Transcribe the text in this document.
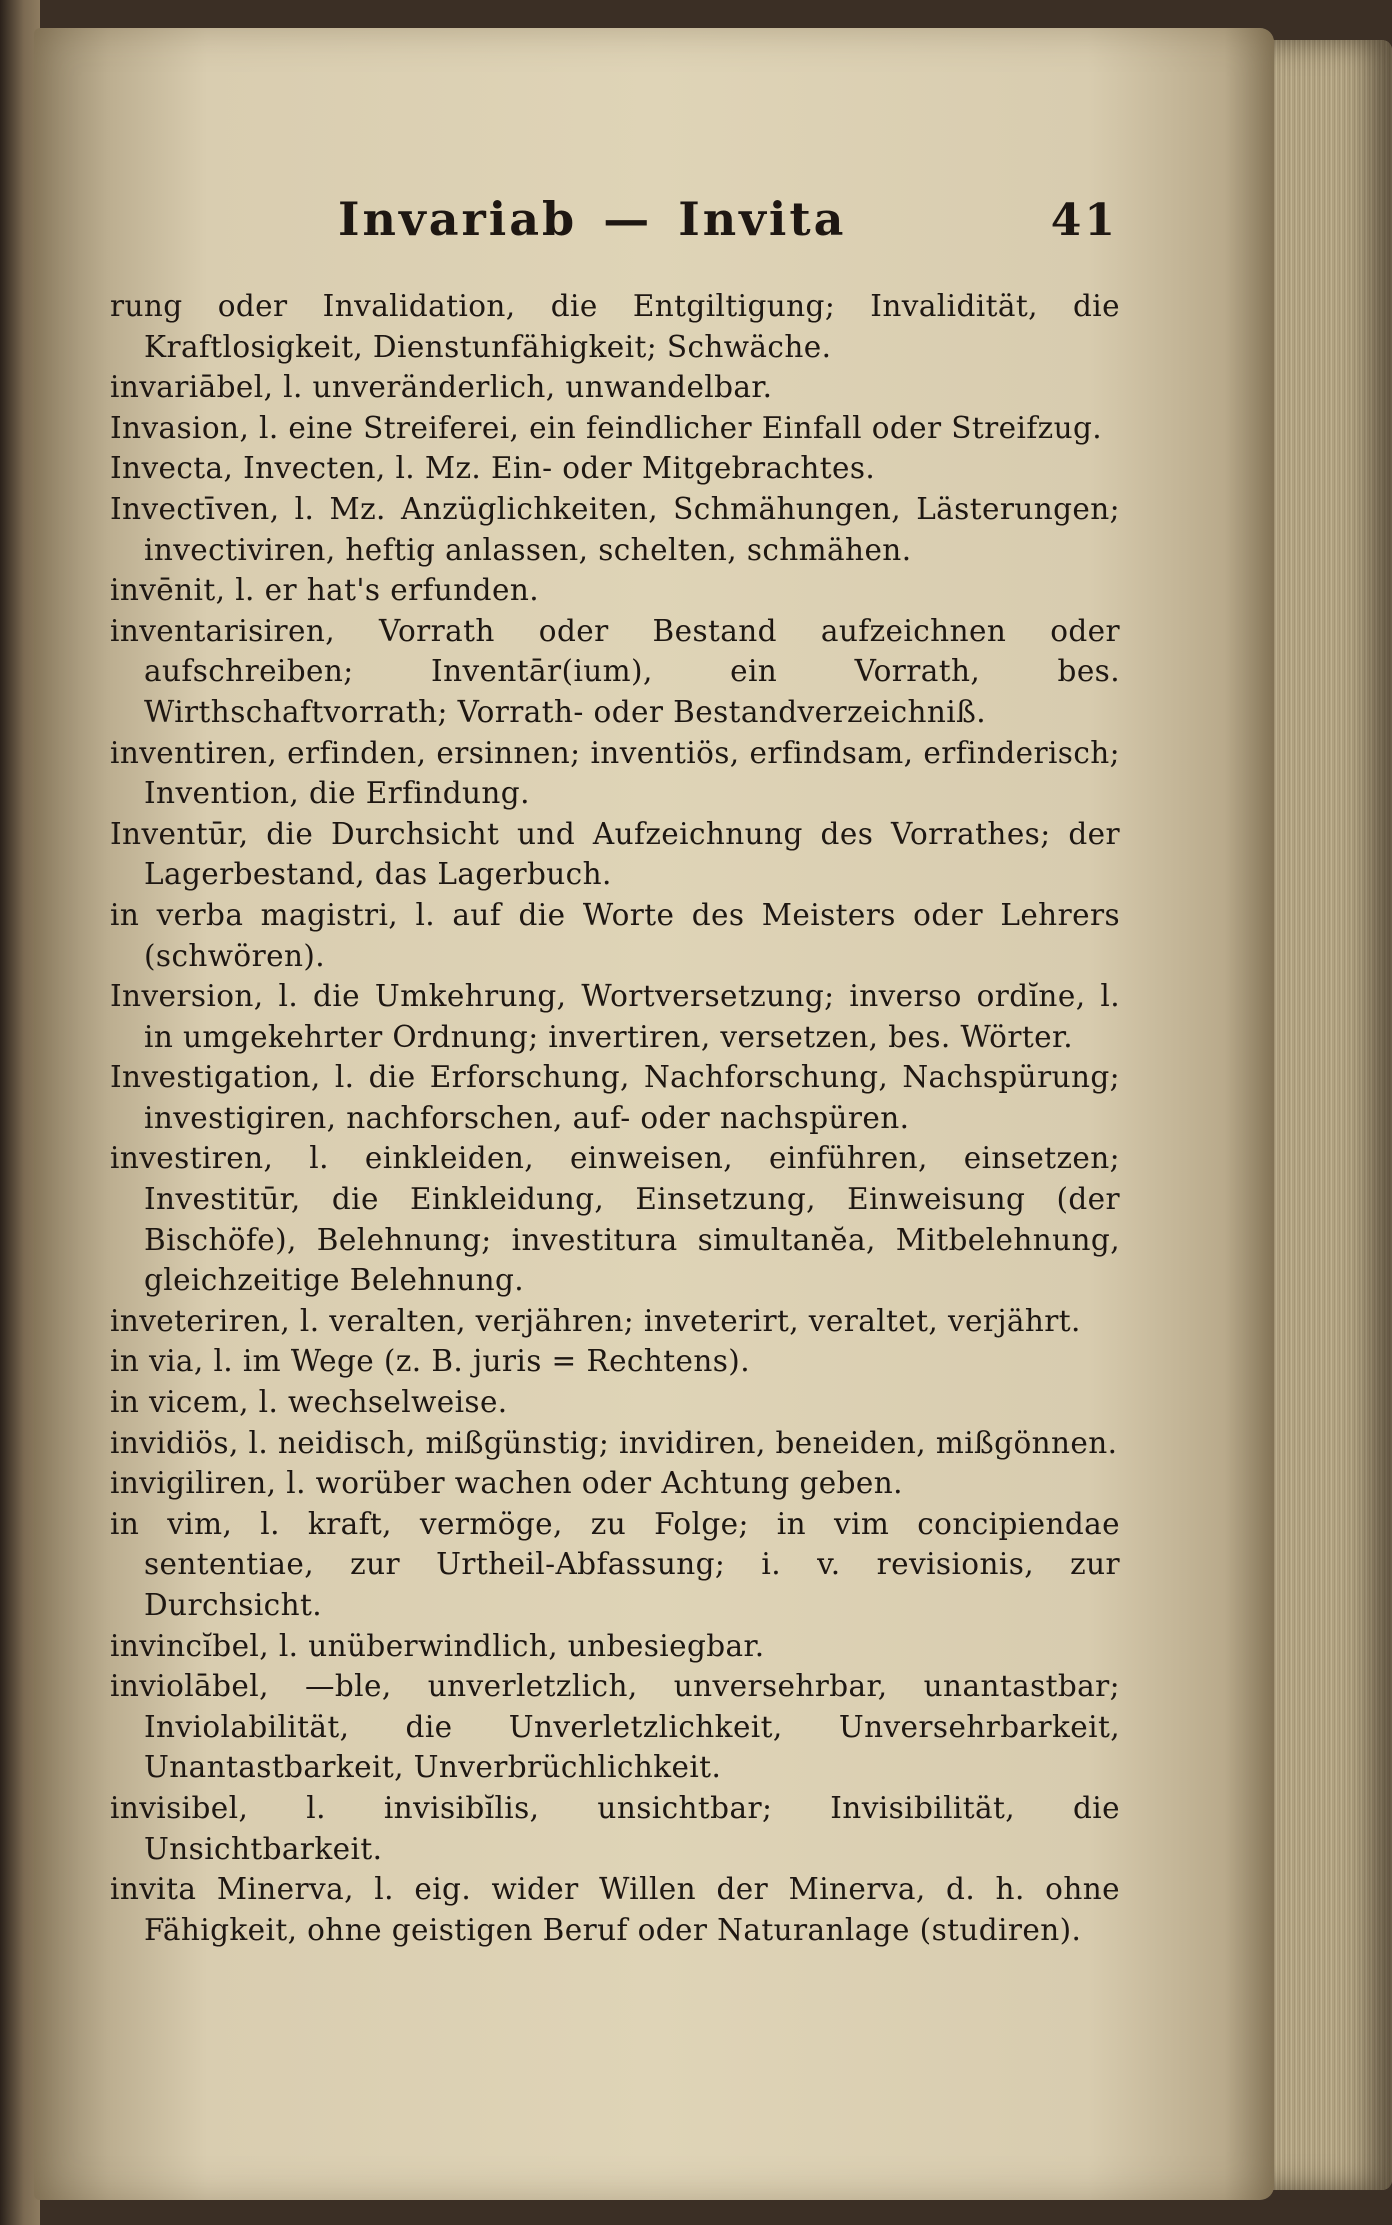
Invariab — Invita	41
rung oder Invalidation, die Entgiltigung; Invalidität, die Kraftlosigkeit, Dienstunfähigkeit; Schwäche.
invariābel, l. unveränderlich, unwandelbar.
Invasion, l. eine Streiferei, ein feindlicher Einfall oder Streifzug.
Invecta, Invecten, l. Mz. Ein- oder Mitgebrachtes.
Invectīven, l. Mz. Anzüglichkeiten, Schmähungen, Lästerungen; invectiviren, heftig anlassen, schelten, schmähen.
invēnit, l. er hat's erfunden.
inventarisiren, Vorrath oder Bestand aufzeichnen oder aufschreiben; Inventār(ium), ein Vorrath, bes. Wirthschaftvorrath; Vorrath- oder Bestandverzeichniß.
inventiren, erfinden, ersinnen; inventiös, erfindsam, erfinderisch; Invention, die Erfindung.
Inventūr, die Durchsicht und Aufzeichnung des Vorrathes; der Lagerbestand, das Lagerbuch.
in verba magistri, l. auf die Worte des Meisters oder Lehrers (schwören).
Inversion, l. die Umkehrung, Wortversetzung; inverso ordĭne, l. in umgekehrter Ordnung; invertiren, versetzen, bes. Wörter.
Investigation, l. die Erforschung, Nachforschung, Nachspürung; investigiren, nachforschen, auf- oder nachspüren.
investiren, l. einkleiden, einweisen, einführen, einsetzen; Investitūr, die Einkleidung, Einsetzung, Einweisung (der Bischöfe), Belehnung; investitura simultanĕa, Mitbelehnung, gleichzeitige Belehnung.
inveteriren, l. veralten, verjähren; inveterirt, veraltet, verjährt.
in via, l. im Wege (z. B. juris = Rechtens).
in vicem, l. wechselweise.
invidiös, l. neidisch, mißgünstig; invidiren, beneiden, mißgönnen.
invigiliren, l. worüber wachen oder Achtung geben.
in vim, l. kraft, vermöge, zu Folge; in vim concipiendae sententiae, zur Urtheil-Abfassung; i. v. revisionis, zur Durchsicht.
invincĭbel, l. unüberwindlich, unbesiegbar.
inviolābel, —ble, unverletzlich, unversehrbar, unantastbar; Inviolabilität, die Unverletzlichkeit, Unversehrbarkeit, Unantastbarkeit, Unverbrüchlichkeit.
invisibel, l. invisibĭlis, unsichtbar; Invisibilität, die Unsichtbarkeit.
invita Minerva, l. eig. wider Willen der Minerva, d. h. ohne Fähigkeit, ohne geistigen Beruf oder Naturanlage (studiren).
